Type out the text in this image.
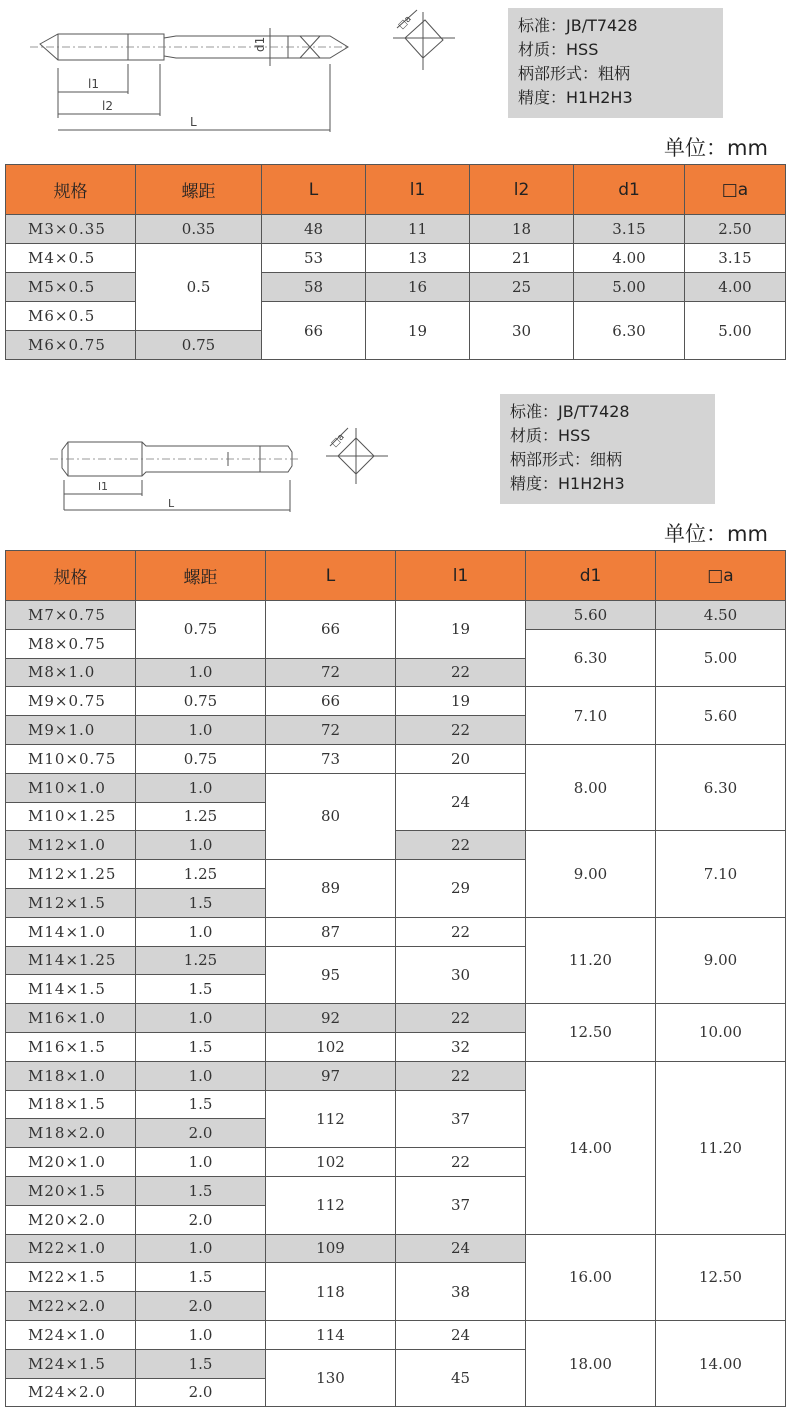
l1
l2
L
d1
□a	标准：JB/T7428
材质：HSS
柄部形式：粗柄
精度：H1H2H3
单位：mm
规格	螺距	L	l1	l2	d1	□a
M3×0.35	0.35	48	11	18	3.15	2.50
M4×0.5	0.5	53	13	21	4.00	3.15
M5×0.5		58	16	25	5.00	4.00
M6×0.5		66	19	30	6.30	5.00
M6×0.75	0.75					
l1
L
□a
标准：JB/T7428
材质：HSS
柄部形式：细柄
精度：H1H2H3
单位：mm
规格	螺距	L	l1	d1	□a
M7×0.75	0.75	66	19	5.60	4.50
M8×0.75				6.30	5.00
M8×1.0	1.0	72	22		
M9×0.75	0.75	66	19	7.10	5.60
M9×1.0	1.0	72	22		
M10×0.75	0.75	73	20	8.00	6.30
M10×1.0	1.0	80	24		
M10×1.25	1.25				
M12×1.0	1.0		22	9.00	7.10
M12×1.25	1.25	89	29		
M12×1.5	1.5				
M14×1.0	1.0	87	22	11.20	9.00
M14×1.25	1.25	95	30		
M14×1.5	1.5				
M16×1.0	1.0	92	22	12.50	10.00
M16×1.5	1.5	102	32		
M18×1.0	1.0	97	22	14.00	11.20
M18×1.5	1.5	112	37		
M18×2.0	2.0				
M20×1.0	1.0	102	22		
M20×1.5	1.5	112	37		
M20×2.0	2.0				
M22×1.0	1.0	109	24	16.00	12.50
M22×1.5	1.5	118	38		
M22×2.0	2.0				
M24×1.0	1.0	114	24	18.00	14.00
M24×1.5	1.5	130	45		
M24×2.0	2.0				
